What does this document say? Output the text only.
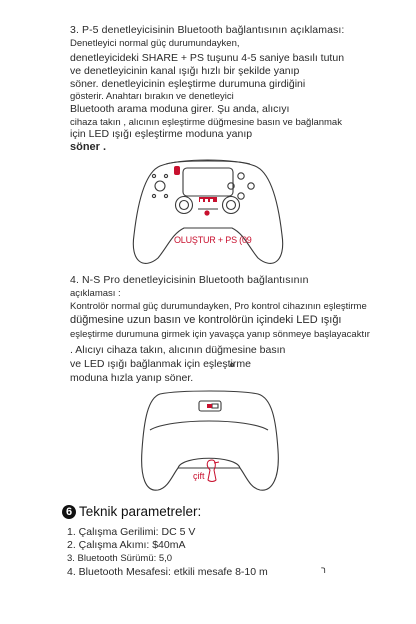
3. P-5 denetleyicisinin Bluetooth bağlantısının açıklaması:

Denetleyici normal güç durumundayken,

denetleyicideki SHARE + PS tuşunu 4-5 saniye basılı tutun

ve denetleyicinin kanal ışığı hızlı bir şekilde yanıp

söner. denetleyicinin eşleştirme durumuna girdiğini

gösterir. Anahtarı bırakın ve denetleyici

Bluetooth arama moduna girer. Şu anda, alıcıyı

cihaza takın , alıcının eşleştirme düğmesine basın ve bağlanmak

için LED ışığı eşleştirme moduna yanıp

söner .

OLUŞTUR + PS (09

4. N-S Pro denetleyicisinin Bluetooth bağlantısının

açıklaması :

Kontrolör normal güç durumundayken, Pro kontrol cihazının eşleştirme

düğmesine uzun basın ve kontrolörün içindeki LED ışığı

eşleştirme durumuna girmek için yavaşça yanıp sönmeye başlayacaktır

. Alıcıyı cihaza takın, alıcının düğmesine basın

ve LED ışığı bağlanmak için eşleştirme

moduna hızla yanıp söner.

çift
6 Teknik parametreler:

1. Çalışma Gerilimi: DC 5 V

2. Çalışma Akımı: $40mA

3. Bluetooth Sürümü: 5,0

4. Bluetooth Mesafesi: etkili mesafe 8-10 m	ר
